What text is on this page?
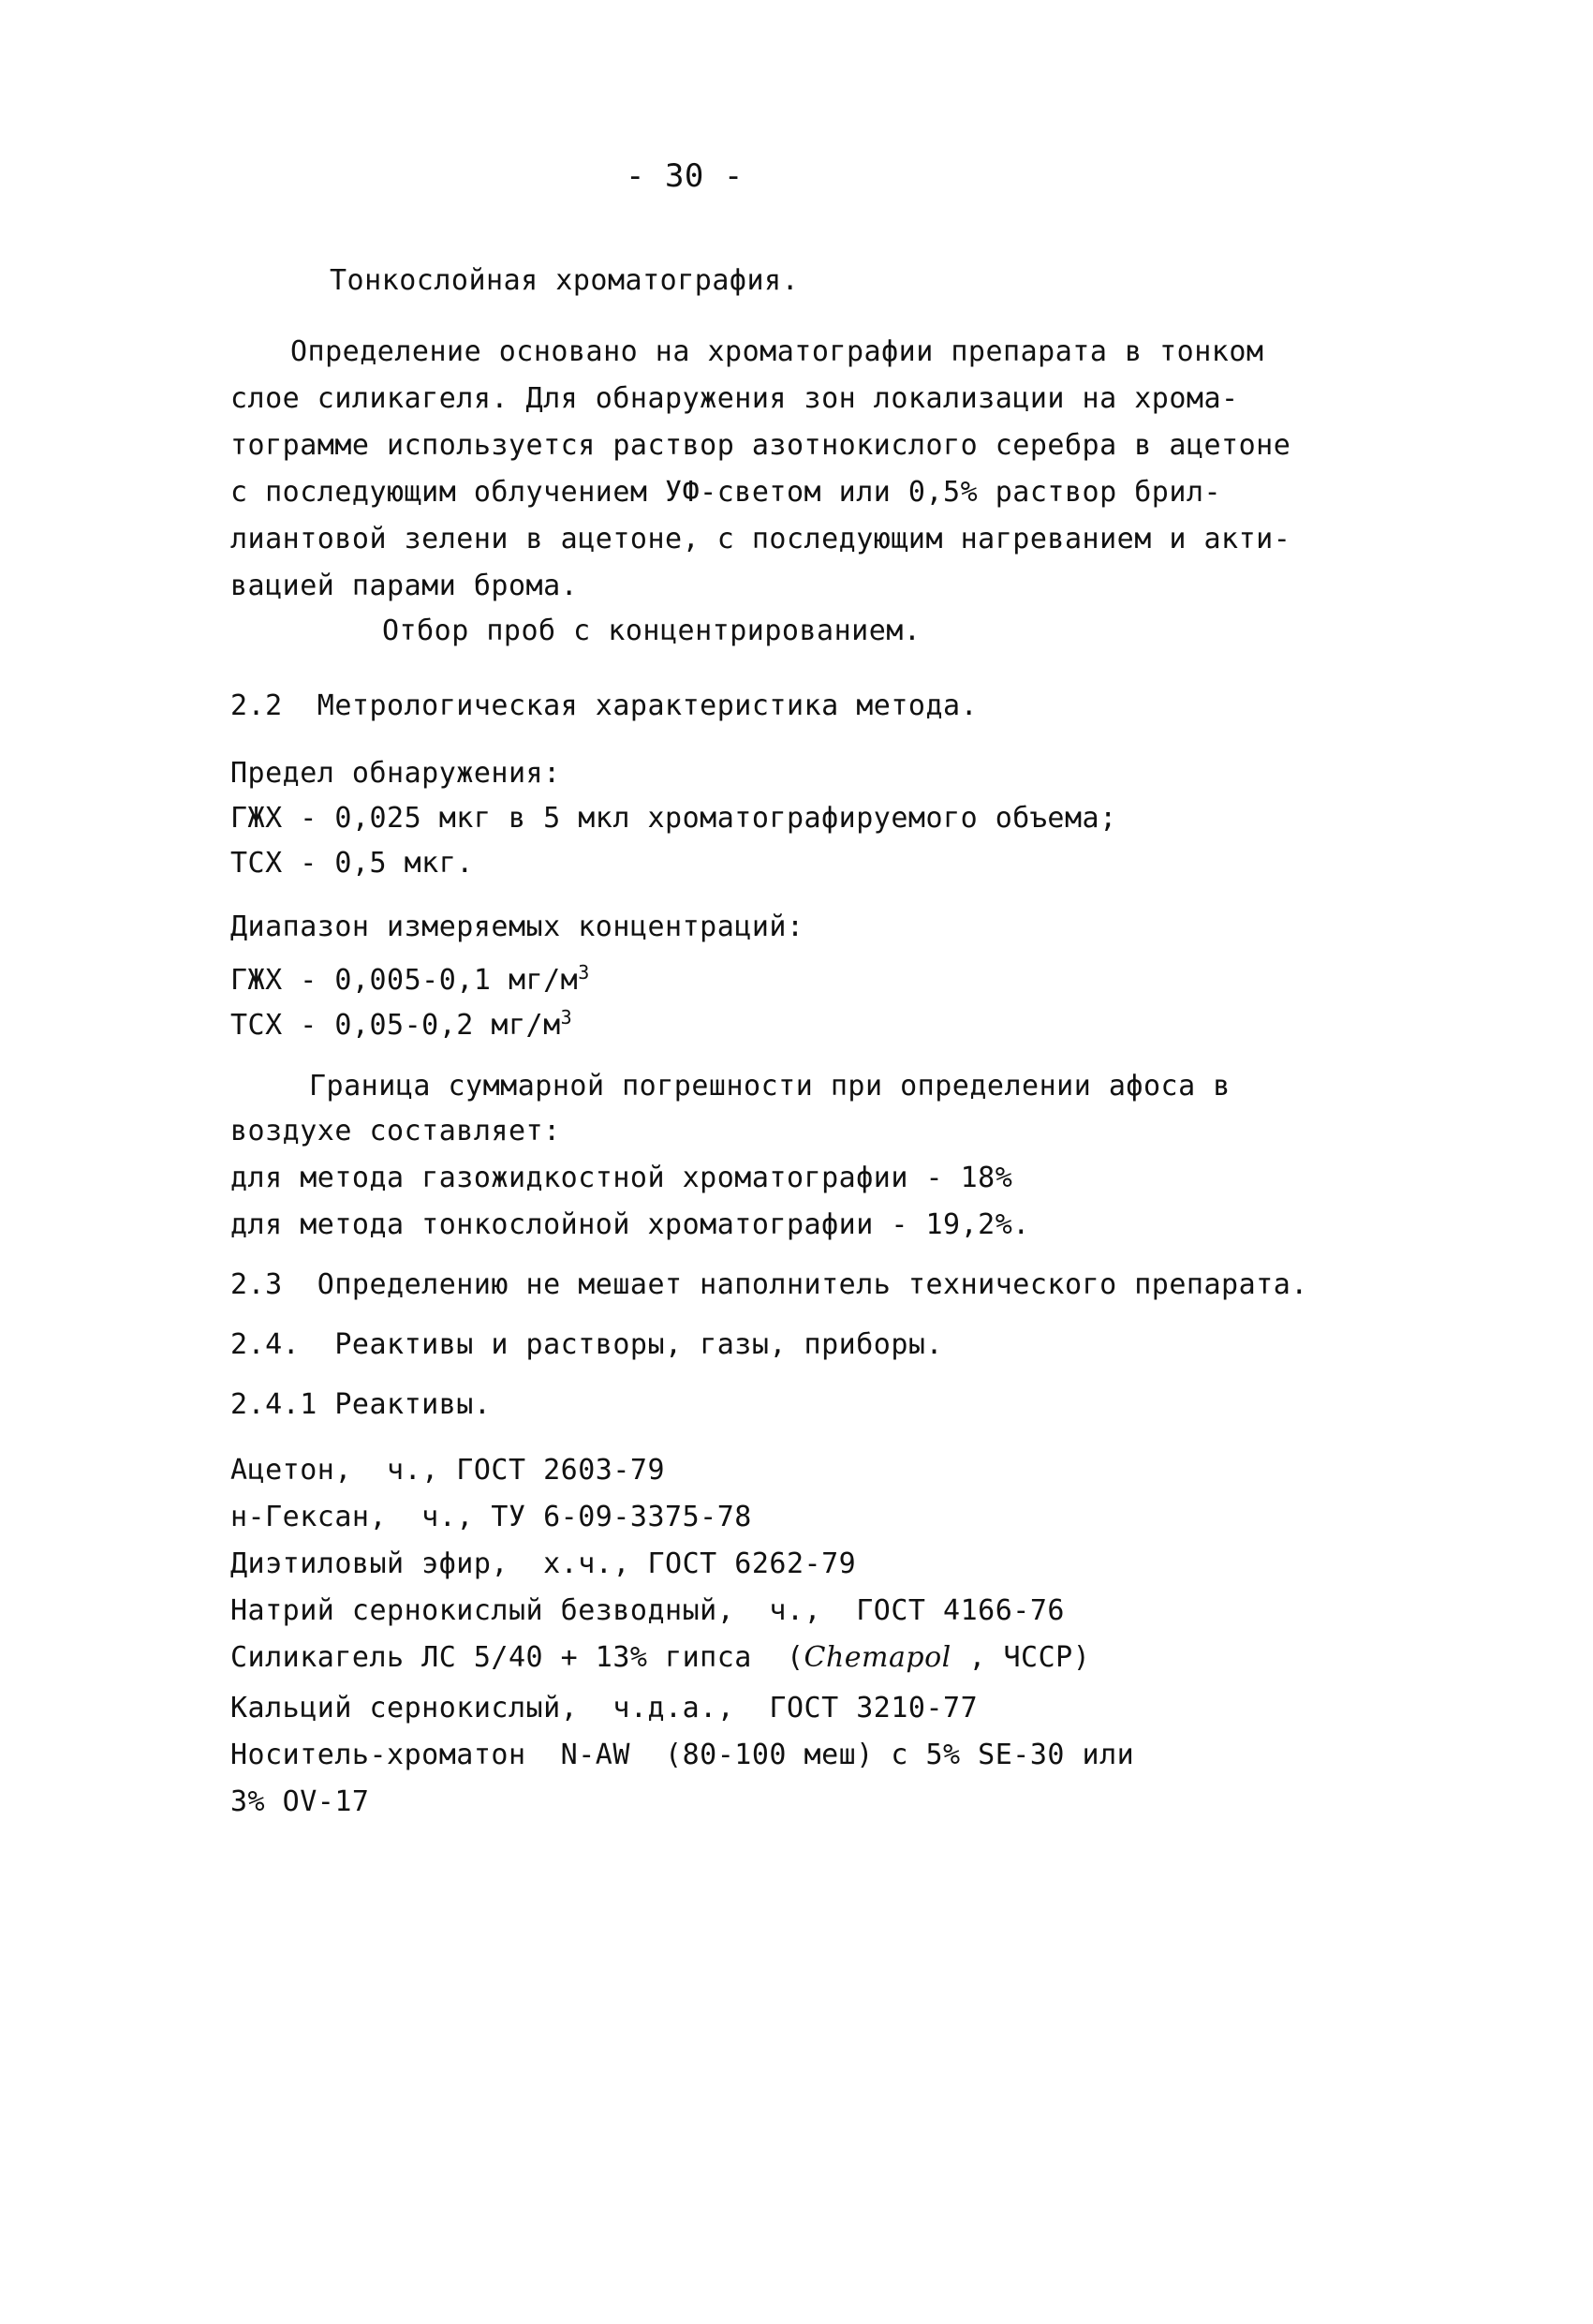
- 30 -
Тонкослойная хроматография.
Определение основано на хроматографии препарата в тонком
слое силикагеля. Для обнаружения зон локализации на хрома-
тограмме используется раствор азотнокислого серебра в ацетоне
с последующим облучением УФ-светом или 0,5% раствор брил-
лиантовой зелени в ацетоне, с последующим нагреванием и акти-
вацией парами брома.
Отбор проб с концентрированием.
2.2  Метрологическая характеристика метода.
Предел обнаружения:
ГЖХ - 0,025 мкг в 5 мкл хроматографируемого объема;
ТСХ - 0,5 мкг.
Диапазон измеряемых концентраций:
ГЖХ - 0,005-0,1 $мг/м^3$
ТСХ - 0,05-0,2 $мг/м^3$
Граница суммарной погрешности при определении афоса в
воздухе составляет:
для метода газожидкостной хроматографии - 18%
для метода тонкослойной хроматографии - 19,2%.
2.3  Определению не мешает наполнитель технического препарата.
2.4.  Реактивы и растворы, газы, приборы.
2.4.1 Реактивы.
Ацетон,  ч., ГОСТ 2603-79
н-Гексан,  ч., ТУ 6-09-3375-78
Диэтиловый эфир,  х.ч., ГОСТ 6262-79
Натрий сернокислый безводный,  ч.,  ГОСТ 4166-76
Силикагель ЛС 5/40 + 13% гипса  (Chemapol , ЧССР)
Кальций сернокислый,  ч.д.а.,  ГОСТ 3210-77
Носитель-хроматон  N-AW  (80-100 меш) с 5% SE-30 или
3% OV-17
